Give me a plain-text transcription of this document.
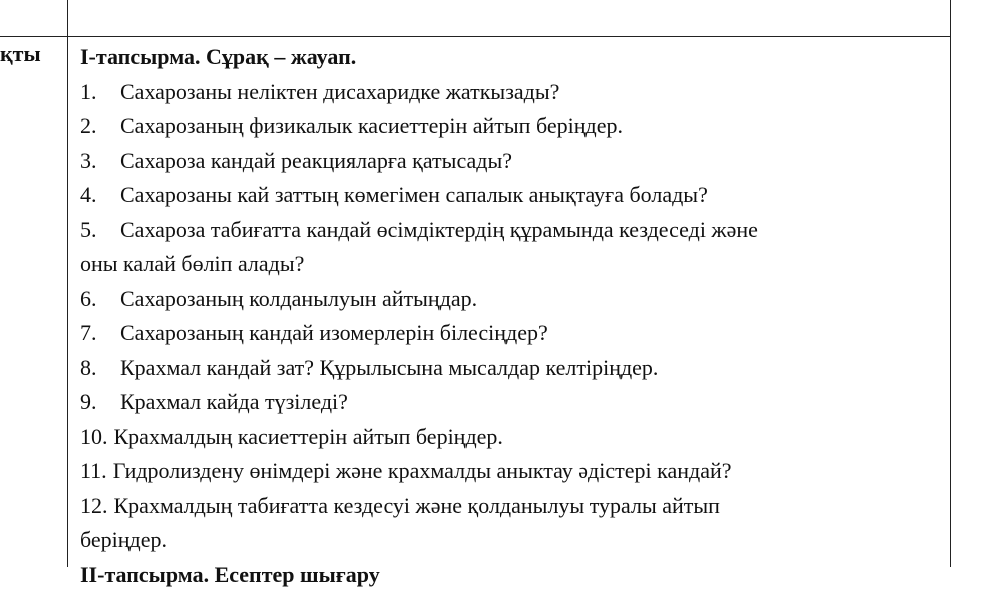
қты І-тапсырма. Сұрақ – жауап.
1. Сахарозаны неліктен дисахаридке жаткызады?
2. Сахарозаның физикалык касиеттерін айтып беріңдер.
3. Сахароза кандай реакцияларға қатысады?
4. Сахарозаны кай заттың көмегімен сапалык анықтауға болады?
5. Сахароза табиғатта кандай өсімдіктердің құрамында кездеседі және
оны калай бөліп алады?
6. Сахарозаның колданылуын айтыңдар.
7. Сахарозаның кандай изомерлерін білесіңдер?
8. Крахмал кандай зат? Құрылысына мысалдар келтіріңдер.
9. Крахмал кайда түзіледі?
10. Крахмалдың касиеттерін айтып беріңдер.
11. Гидролиздену өнімдері және крахмалды аныктау әдістері кандай?
12. Крахмалдың табиғатта кездесуі және қолданылуы туралы айтып
беріңдер.
ІІ-тапсырма. Есептер шығару
